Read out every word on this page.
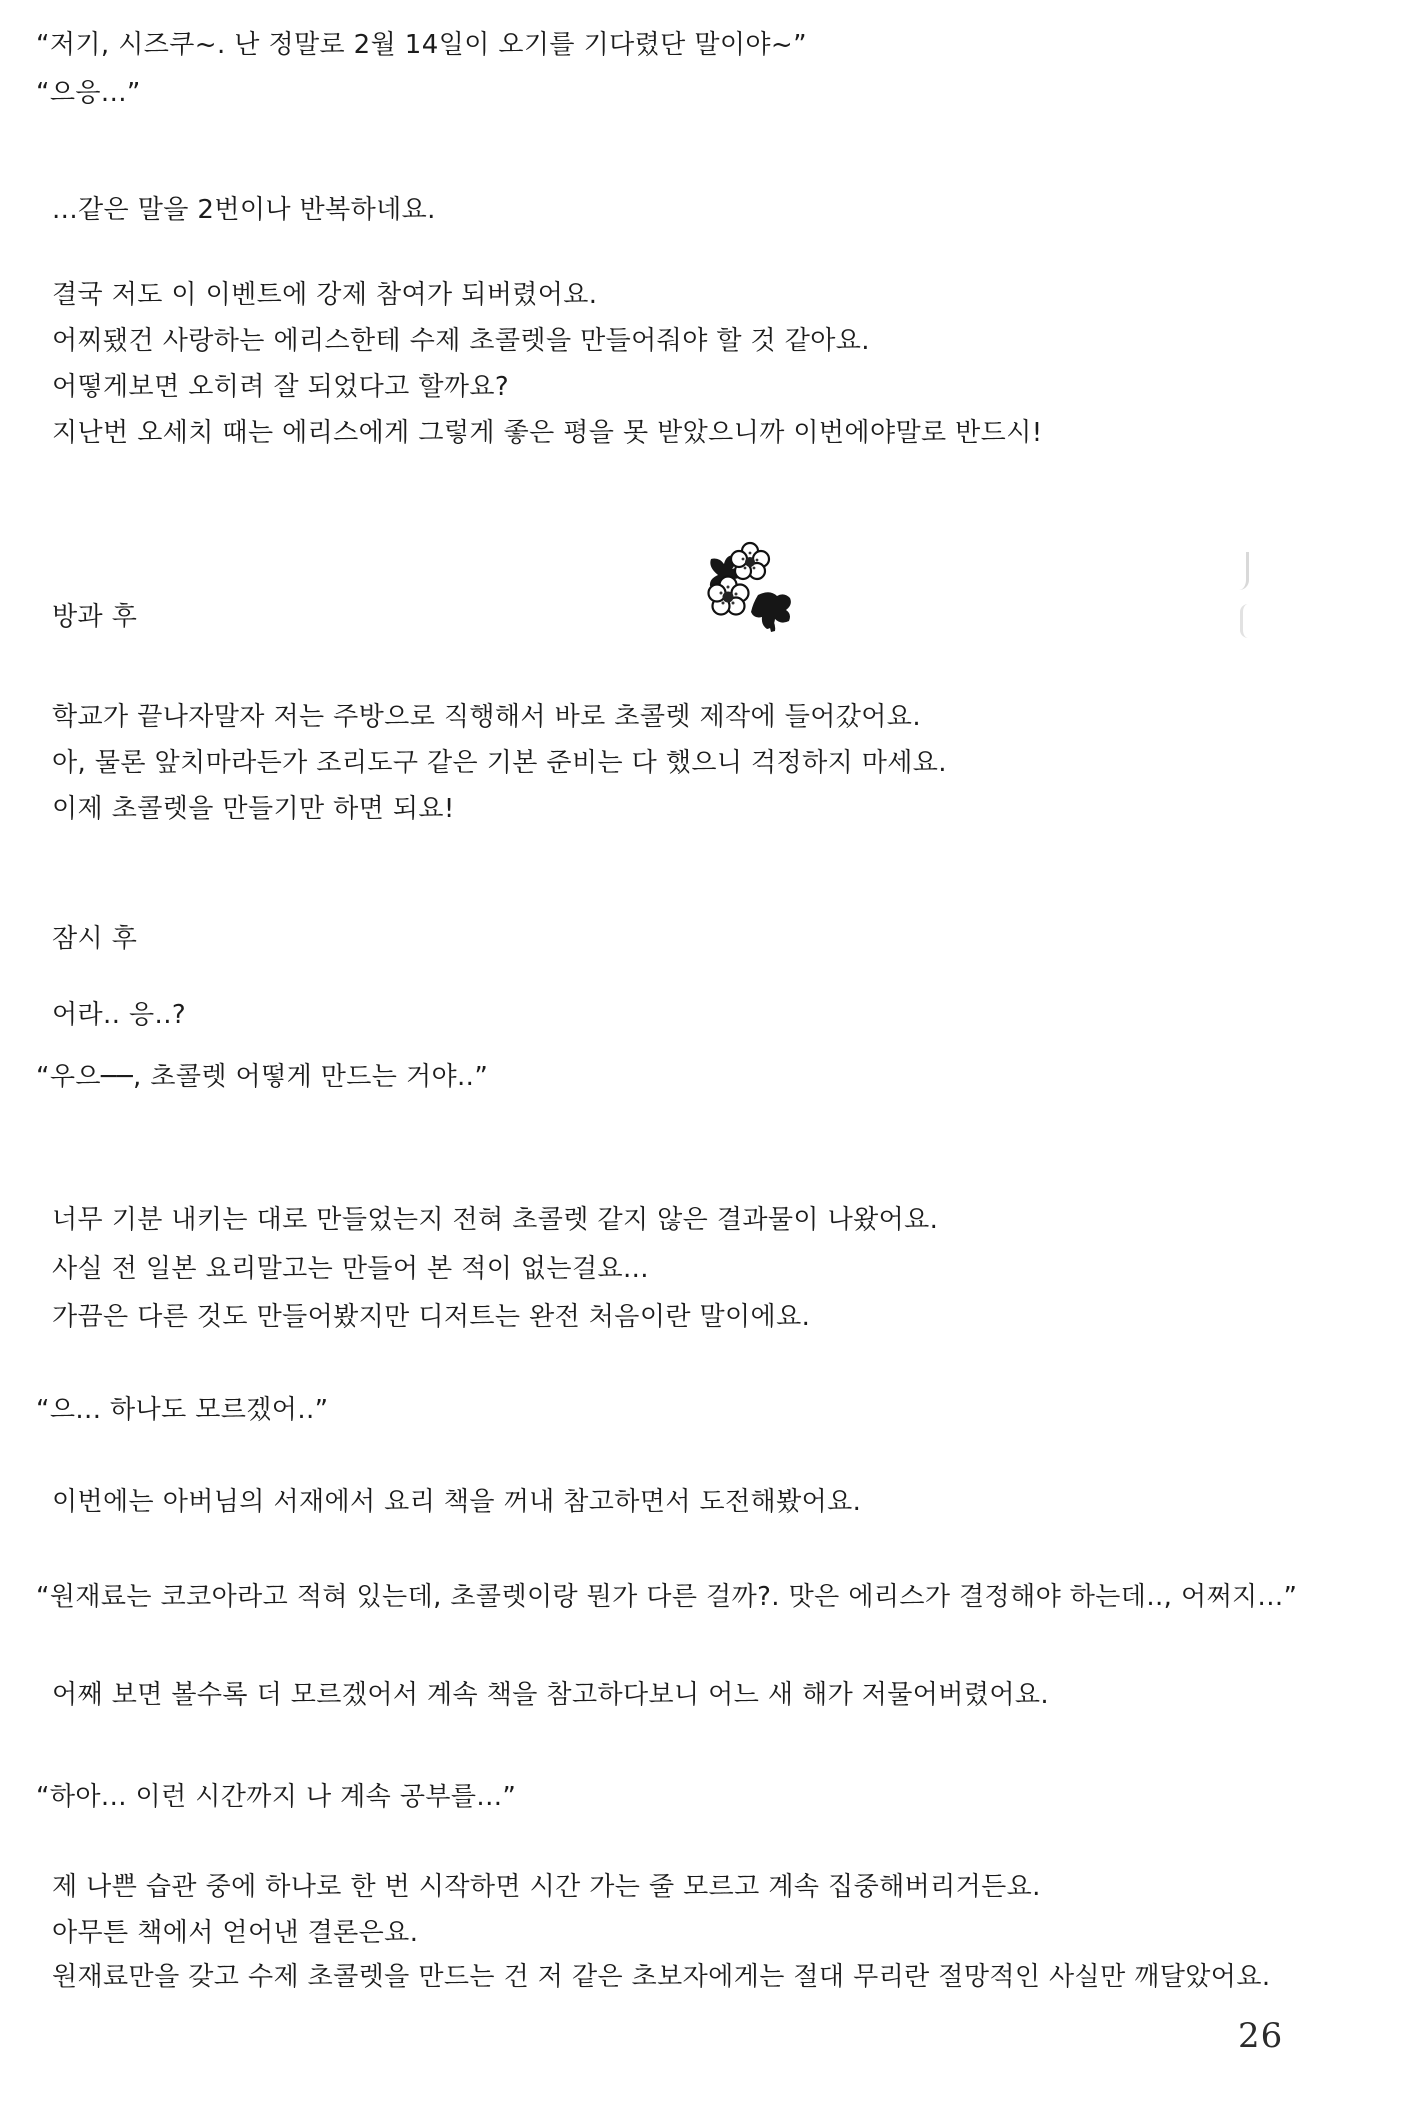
“저기, 시즈쿠~. 난 정말로 2월 14일이 오기를 기다렸단 말이야~”
“으응...”
...같은 말을 2번이나 반복하네요.
결국 저도 이 이벤트에 강제 참여가 되버렸어요.
어찌됐건 사랑하는 에리스한테 수제 초콜렛을 만들어줘야 할 것 같아요.
어떻게보면 오히려 잘 되었다고 할까요?
지난번 오세치 때는 에리스에게 그렇게 좋은 평을 못 받았으니까 이번에야말로 반드시!
방과 후
학교가 끝나자말자 저는 주방으로 직행해서 바로 초콜렛 제작에 들어갔어요.
아, 물론 앞치마라든가 조리도구 같은 기본 준비는 다 했으니 걱정하지 마세요.
이제 초콜렛을 만들기만 하면 되요!
잠시 후
어라.. 응..?
“우으──, 초콜렛 어떻게 만드는 거야..”
너무 기분 내키는 대로 만들었는지 전혀 초콜렛 같지 않은 결과물이 나왔어요.
사실 전 일본 요리말고는 만들어 본 적이 없는걸요...
가끔은 다른 것도 만들어봤지만 디저트는 완전 처음이란 말이에요.
“으... 하나도 모르겠어..”
이번에는 아버님의 서재에서 요리 책을 꺼내 참고하면서 도전해봤어요.
“원재료는 코코아라고 적혀 있는데, 초콜렛이랑 뭔가 다른 걸까?. 맛은 에리스가 결정해야 하는데.., 어쩌지...”
어째 보면 볼수록 더 모르겠어서 계속 책을 참고하다보니 어느 새 해가 저물어버렸어요.
“하아... 이런 시간까지 나 계속 공부를...”
제 나쁜 습관 중에 하나로 한 번 시작하면 시간 가는 줄 모르고 계속 집중해버리거든요.
아무튼 책에서 얻어낸 결론은요.
원재료만을 갖고 수제 초콜렛을 만드는 건 저 같은 초보자에게는 절대 무리란 절망적인 사실만 깨달았어요.
26
